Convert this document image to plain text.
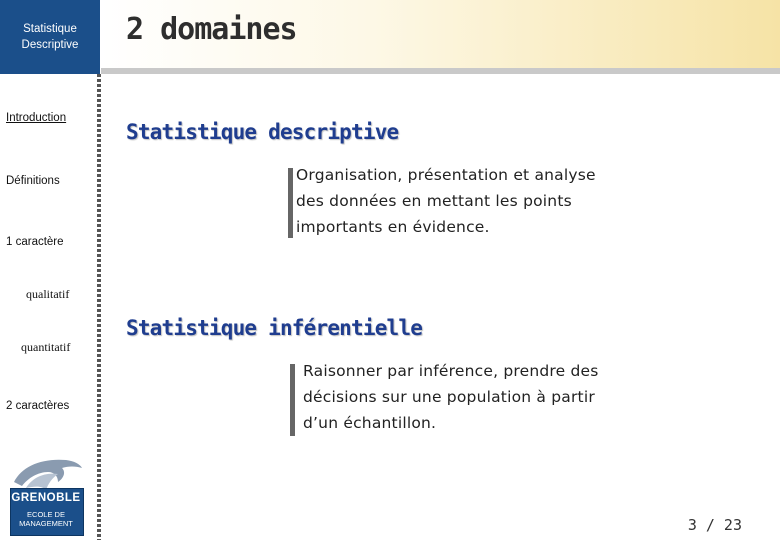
Statistique
Descriptive
Introduction
Définitions
1 caractère
qualitatif
quantitatif
2 caractères
GRENOBLE
ECOLE DE
MANAGEMENT
2 domaines
Statistique descriptive
Organisation, présentation et analyse
des données en mettant les points
importants en évidence.
Statistique inférentielle
Raisonner par inférence, prendre des
décisions sur une population à partir
d’un échantillon.
3 / 23
